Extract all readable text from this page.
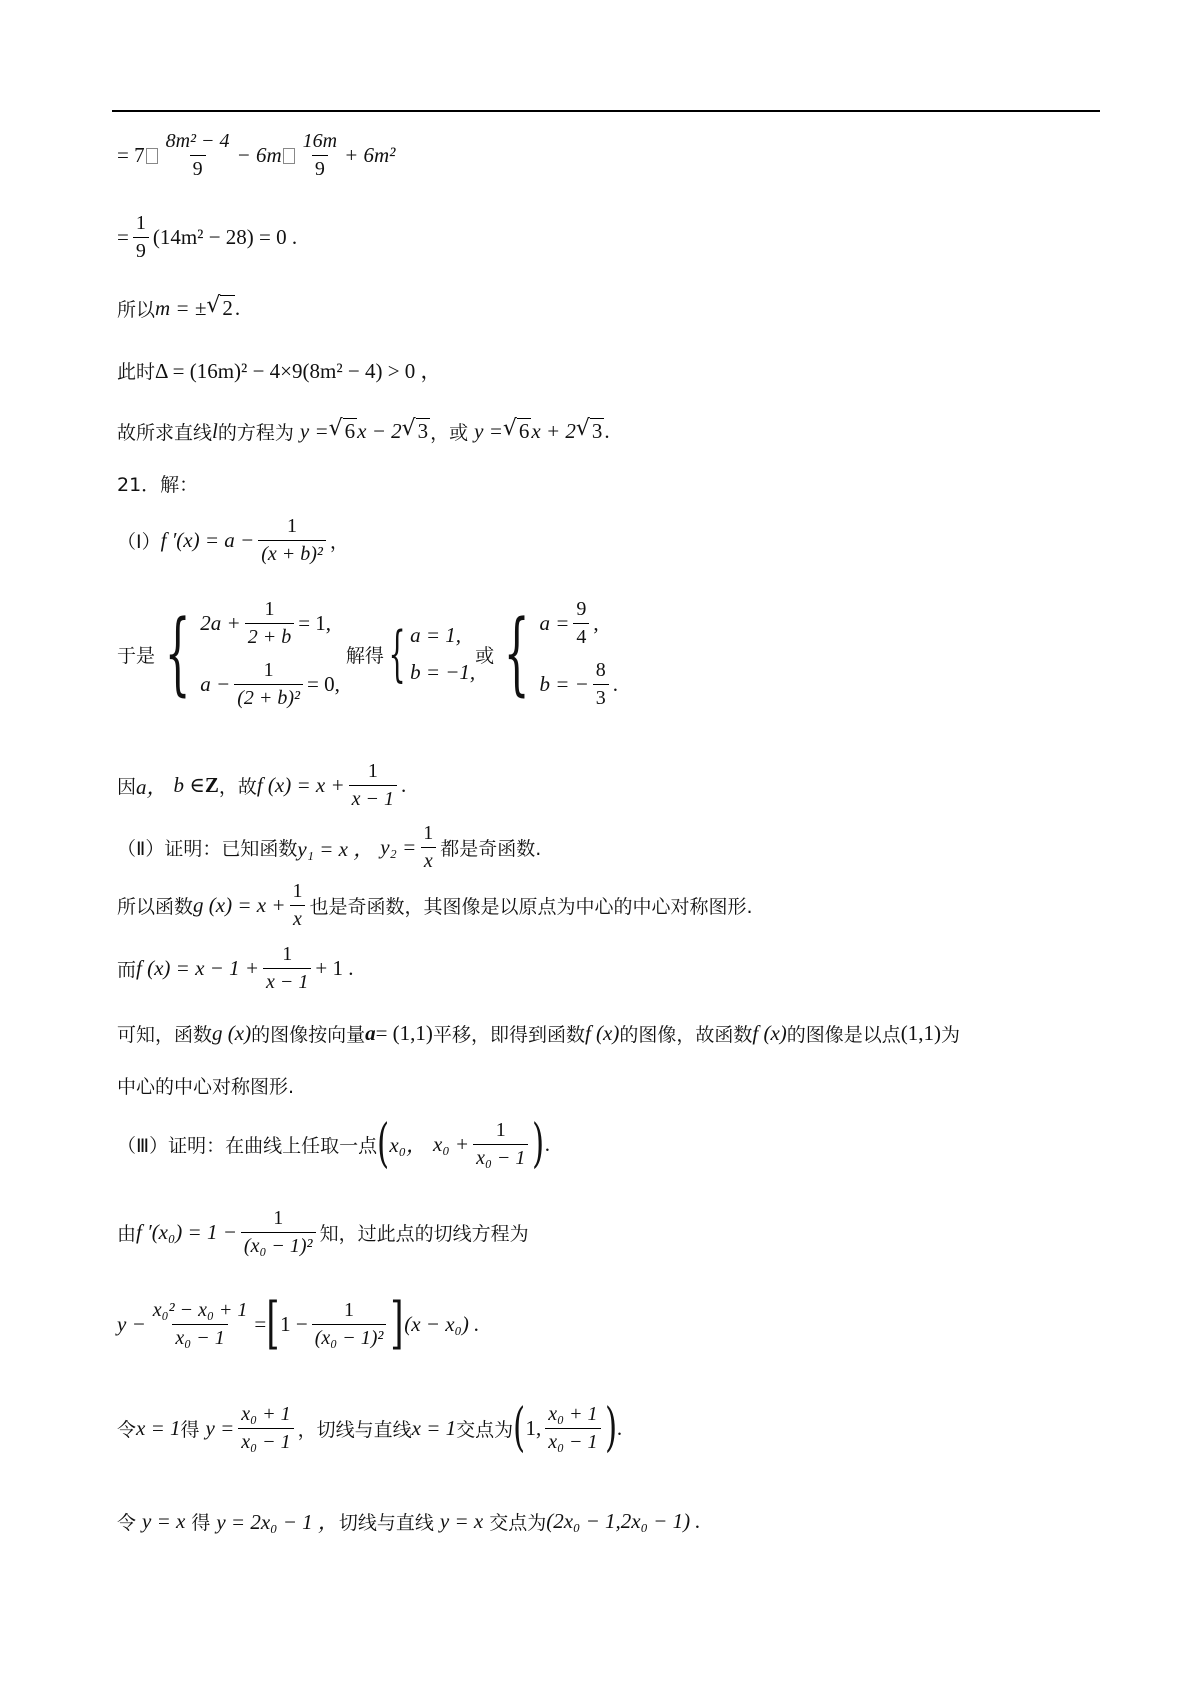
= $7 \frac{\text{8m² − 4}}{9} - 6m \frac{16m}{9} + 6m^2$
= $\frac{1}{9} (14m^2 - 28) = 0$ .
所以 m = ± √ 2 .
此时 Δ = (16m)² − 4×9(8m² − 4) > 0 ，
故所求直线 l 的方程为 y = √ 6 x − 2 √ 3 ，或 y = √ 6 x + 2 √ 3 .
21．解：
（Ⅰ） f $'(x) = a - \frac{1}{\text{(x + b)²}}$ ，
于是 { $2a + \frac{1}{2 + b} = 1$,
$a - \frac{1}{\text{(2 + b)²}} = 0$,
解得 { a = 1,
b = −1,
或 { $a = \frac{9}{4}$ ,
b = − $\frac{8}{3}$ .
因 a， b ∈ Z ，故 f $(x) = x + \frac{1}{x - 1}$ .
（Ⅱ）证明：已知函数 y₁ = x ， $y_2 = \frac{1}{x}$ 都是奇函数.
所以函数 g $(x) = x + \frac{1}{x}$ 也是奇函数，其图像是以原点为中心的中心对称图形.
而 f $(x) = x - 1 + \frac{1}{x - 1} + 1$ .
可知，函数 g (x) 的图像按向量 a = (1,1) 平移，即得到函数 f (x) 的图像，故函数 f (x) 的图像是以点 (1,1) 为
中心的中心对称图形.
（Ⅲ）证明：在曲线上任取一点 ( x₀， $x_0 + \frac{1}{\text{x₀ − 1}}$ ) .
由 f $'(x_0) = 1 - \frac{1}{\text{(x₀ − 1)²}}$ 知，过此点的切线方程为
$y - \frac{\text{x₀² − x₀ + 1}}{\text{x₀ − 1}}$ = [ $1 - \frac{1}{\text{(x₀ − 1)²}}$ ] (x − x₀) .
令 x = 1 得 $y = \frac{\text{x₀ + 1}}{\text{x₀ − 1}}$ ，切线与直线 x = 1 交点为 ( 1, $\frac{\text{x₀ + 1}}{\text{x₀ − 1}}$ ) .
令 y = x 得 y = 2x₀ − 1 ， 切线与直线 y = x 交点为 (2x₀ − 1,2x₀ − 1) .
